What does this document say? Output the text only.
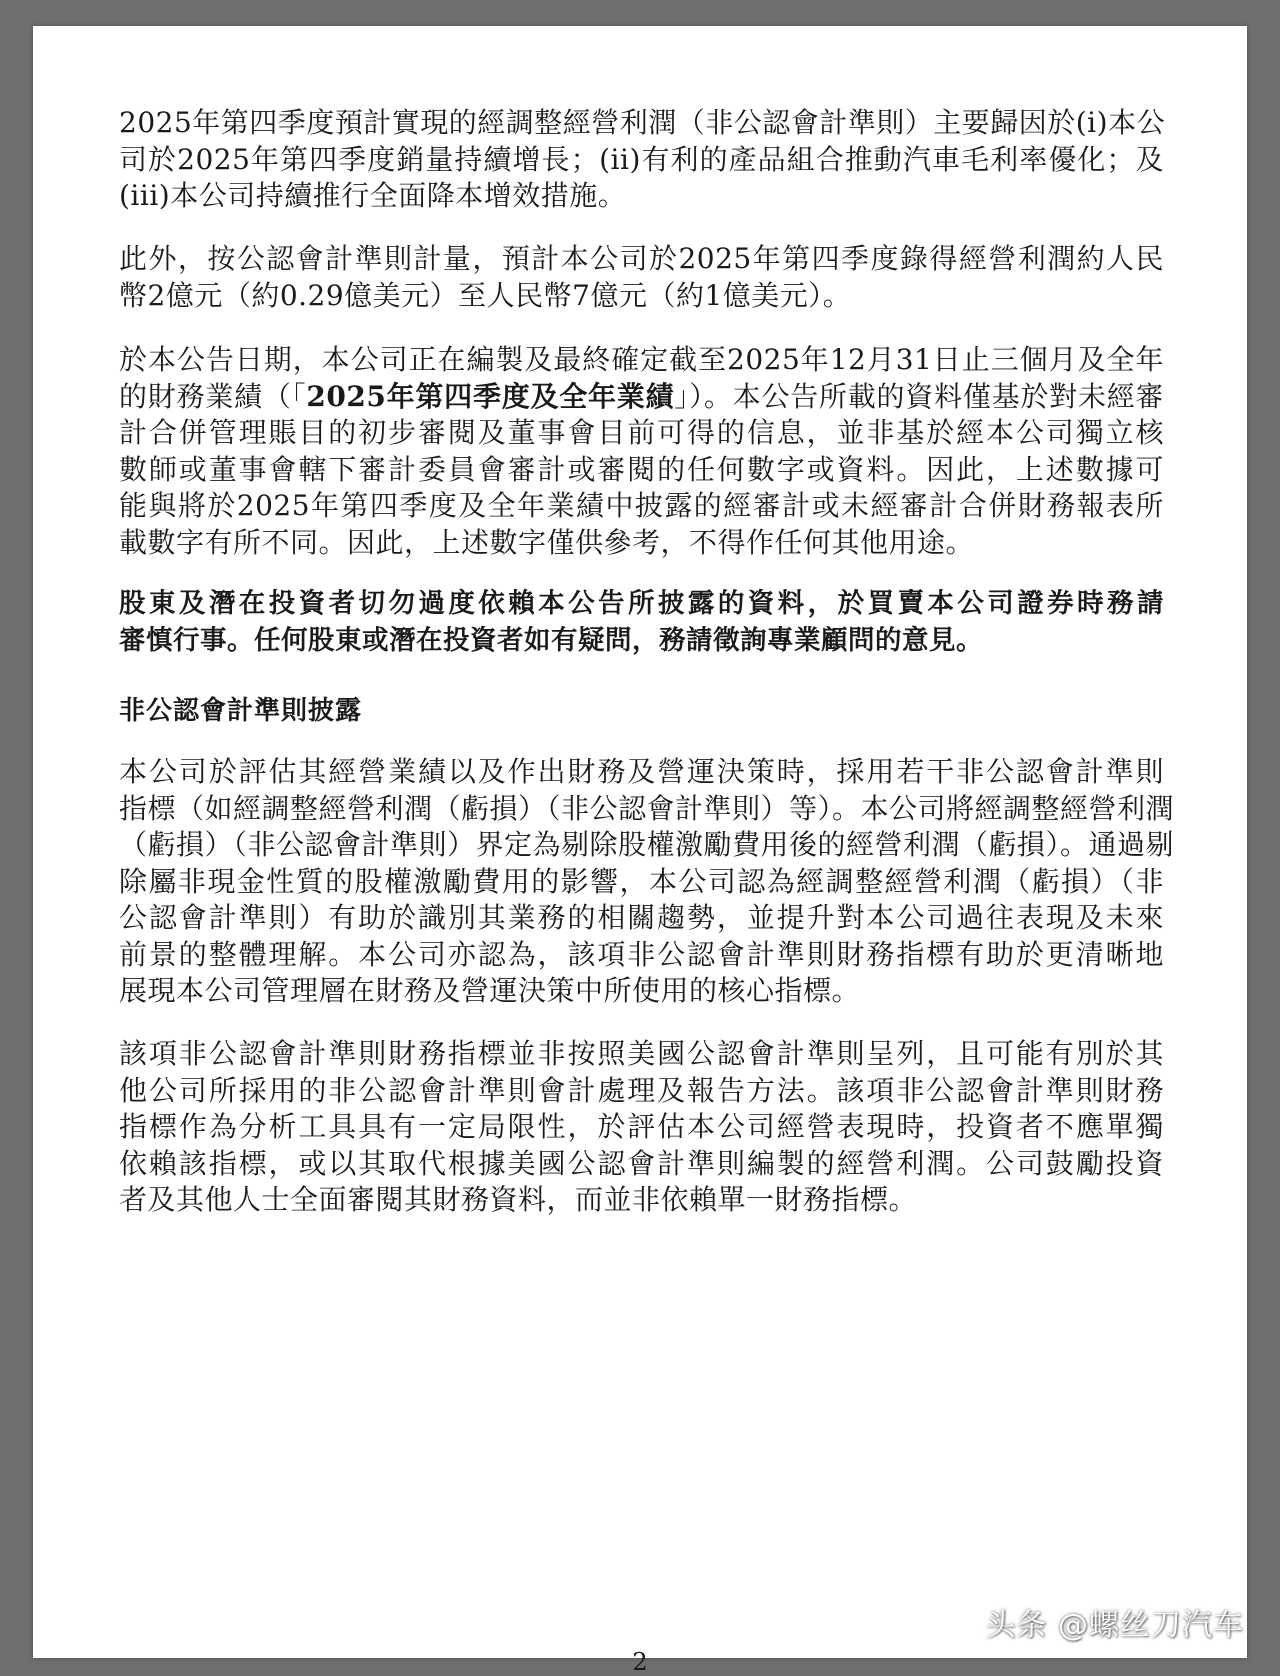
2025年第四季度預計實現的經調整經營利潤（非公認會計準則）主要歸因於(i)本公
司於2025年第四季度銷量持續增長；(ii)有利的產品組合推動汽車毛利率優化；及
(iii)本公司持續推行全面降本增效措施。
此外，按公認會計準則計量，預計本公司於2025年第四季度錄得經營利潤約人民
幣2億元（約0.29億美元）至人民幣7億元（約1億美元）。
於本公告日期，本公司正在編製及最終確定截至2025年12月31日止三個月及全年
的財務業績（「2025年第四季度及全年業績」）。本公告所載的資料僅基於對未經審
計合併管理賬目的初步審閱及董事會目前可得的信息，並非基於經本公司獨立核
數師或董事會轄下審計委員會審計或審閱的任何數字或資料。因此，上述數據可
能與將於2025年第四季度及全年業績中披露的經審計或未經審計合併財務報表所
載數字有所不同。因此，上述數字僅供參考，不得作任何其他用途。
股東及潛在投資者切勿過度依賴本公告所披露的資料，於買賣本公司證券時務請
審慎行事。任何股東或潛在投資者如有疑問，務請徵詢專業顧問的意見。
非公認會計準則披露
本公司於評估其經營業績以及作出財務及營運決策時，採用若干非公認會計準則
指標（如經調整經營利潤（虧損）（非公認會計準則）等）。本公司將經調整經營利潤
（虧損）（非公認會計準則）界定為剔除股權激勵費用後的經營利潤（虧損）。通過剔
除屬非現金性質的股權激勵費用的影響，本公司認為經調整經營利潤（虧損）（非
公認會計準則）有助於識別其業務的相關趨勢，並提升對本公司過往表現及未來
前景的整體理解。本公司亦認為，該項非公認會計準則財務指標有助於更清晰地
展現本公司管理層在財務及營運決策中所使用的核心指標。
該項非公認會計準則財務指標並非按照美國公認會計準則呈列，且可能有別於其
他公司所採用的非公認會計準則會計處理及報告方法。該項非公認會計準則財務
指標作為分析工具具有一定局限性，於評估本公司經營表現時，投資者不應單獨
依賴該指標，或以其取代根據美國公認會計準則編製的經營利潤。公司鼓勵投資
者及其他人士全面審閱其財務資料，而並非依賴單一財務指標。
2
头条 @螺丝刀汽车
